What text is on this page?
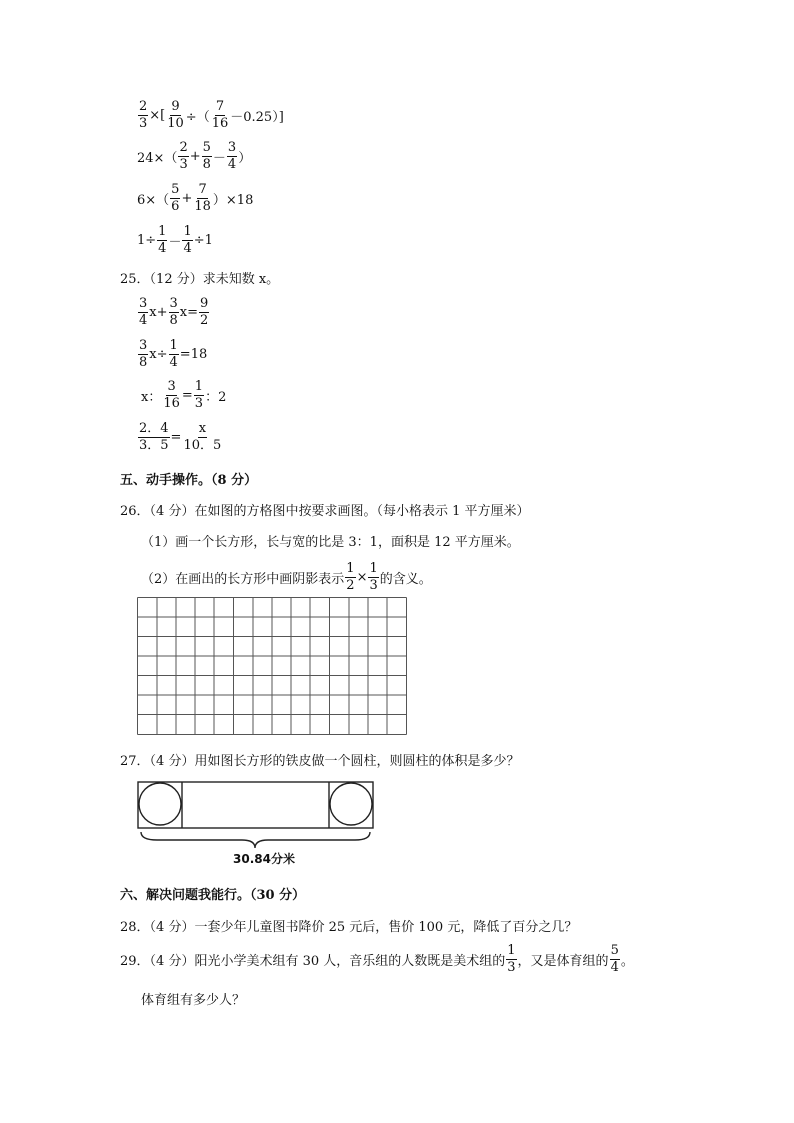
$\frac{2}{3}$ ×[ $\frac{9}{10}$ ÷（ $\frac{7}{16} -0.25$）]
$24\times( \frac{2}{3} + \frac{5}{8} - \frac{3}{4}$ ）
$6\times( \frac{5}{6} + \frac{7}{18} )\times 18$
$1\div \frac{1}{4} - \frac{1}{4} \div 1$
25．（12 分）求未知数 x。
$\frac{3}{4} x+ \frac{3}{8} x= \frac{9}{2}$
$\frac{3}{8} x\div \frac{1}{4} =18$
x： $\frac{3}{16} = \frac{1}{3}$ ：2
$\frac{2.4}{3.5} = \frac{x}{10.5}$
五、动手操作。（8 分）
26．（4 分）在如图的方格图中按要求画图。（每小格表示 1 平方厘米）
（1）画一个长方形，长与宽的比是 3：1，面积是 12 平方厘米。
（2）在画出的长方形中画阴影表示 $\frac{1}{2} \times \frac{1}{3}$ 的含义。
27．（4 分）用如图长方形的铁皮做一个圆柱，则圆柱的体积是多少？
30.84分米
六、解决问题我能行。（30 分）
28．（4 分）一套少年儿童图书降价 25 元后，售价 100 元，降低了百分之几？
29．（4 分）阳光小学美术组有 30 人，音乐组的人数既是美术组的 $\frac{1}{3}$ ，又是体育组的 $\frac{5}{4}$ 。
体育组有多少人？
